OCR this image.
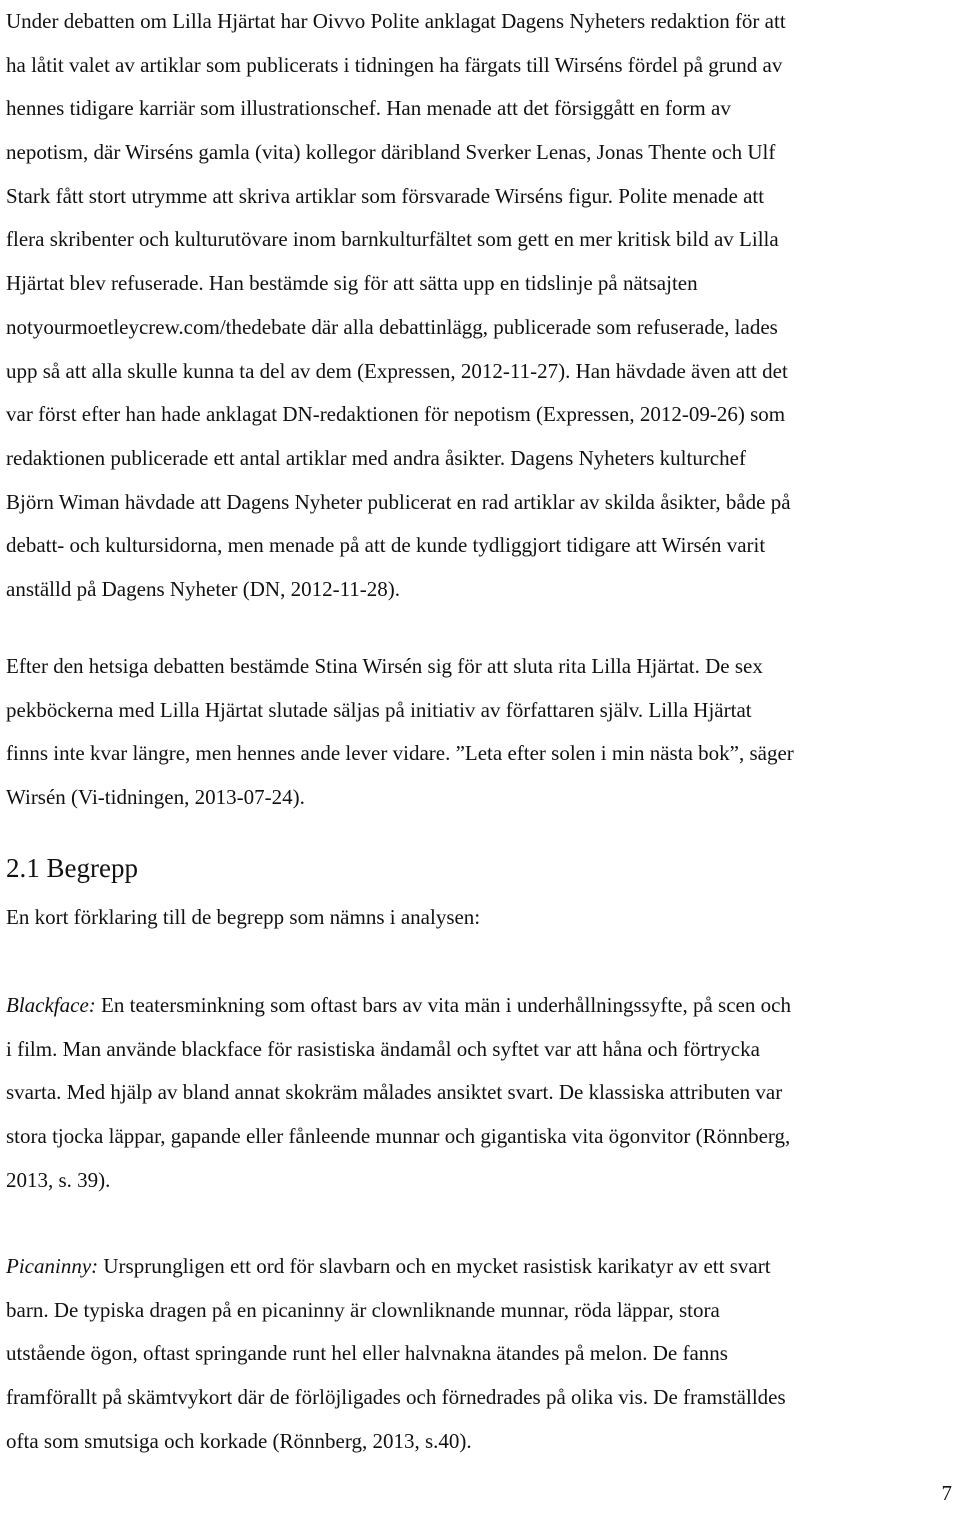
Under debatten om Lilla Hjärtat har Oivvo Polite anklagat Dagens Nyheters redaktion för att
ha låtit valet av artiklar som publicerats i tidningen ha färgats till Wirséns fördel på grund av
hennes tidigare karriär som illustrationschef. Han menade att det försiggått en form av
nepotism, där Wirséns gamla (vita) kollegor däribland Sverker Lenas, Jonas Thente och Ulf
Stark fått stort utrymme att skriva artiklar som försvarade Wirséns figur. Polite menade att
flera skribenter och kulturutövare inom barnkulturfältet som gett en mer kritisk bild av Lilla
Hjärtat blev refuserade. Han bestämde sig för att sätta upp en tidslinje på nätsajten
notyourmoetleycrew.com/thedebate där alla debattinlägg, publicerade som refuserade, lades
upp så att alla skulle kunna ta del av dem (Expressen, 2012-11-27). Han hävdade även att det
var först efter han hade anklagat DN-redaktionen för nepotism (Expressen, 2012-09-26) som
redaktionen publicerade ett antal artiklar med andra åsikter. Dagens Nyheters kulturchef
Björn Wiman hävdade att Dagens Nyheter publicerat en rad artiklar av skilda åsikter, både på
debatt- och kultursidorna, men menade på att de kunde tydliggjort tidigare att Wirsén varit
anställd på Dagens Nyheter (DN, 2012-11-28).
Efter den hetsiga debatten bestämde Stina Wirsén sig för att sluta rita Lilla Hjärtat. De sex
pekböckerna med Lilla Hjärtat slutade säljas på initiativ av författaren själv. Lilla Hjärtat
finns inte kvar längre, men hennes ande lever vidare. ”Leta efter solen i min nästa bok”, säger
Wirsén (Vi-tidningen, 2013-07-24).
2.1 Begrepp

En kort förklaring till de begrepp som nämns i analysen:

Blackface: En teatersminkning som oftast bars av vita män i underhållningssyfte, på scen och
i film. Man använde blackface för rasistiska ändamål och syftet var att håna och förtrycka
svarta. Med hjälp av bland annat skokräm målades ansiktet svart. De klassiska attributen var
stora tjocka läppar, gapande eller fånleende munnar och gigantiska vita ögonvitor (Rönnberg,
2013, s. 39).
Picaninny: Ursprungligen ett ord för slavbarn och en mycket rasistisk karikatyr av ett svart
barn. De typiska dragen på en picaninny är clownliknande munnar, röda läppar, stora
utstående ögon, oftast springande runt hel eller halvnakna ätandes på melon. De fanns
framförallt på skämtvykort där de förlöjligades och förnedrades på olika vis. De framställdes
ofta som smutsiga och korkade (Rönnberg, 2013, s.40).
7
